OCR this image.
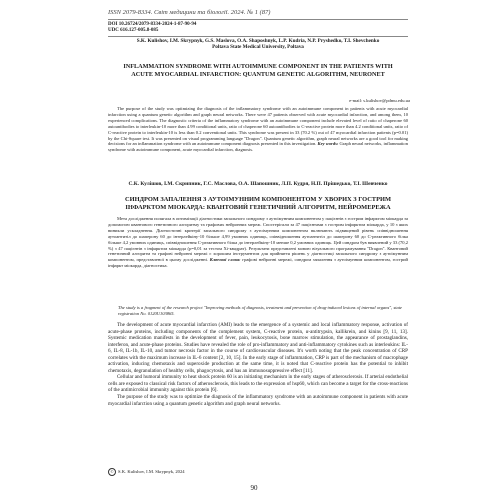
ISSN 2079-8334. Світ медицини та біології. 2024. № 1 (87)
DOI 10.26724/2079-8334-2024-1-87-90-94
UDC 616.127-005.8-085
S.K. Kulishov, I.M. Skrypnyk, G.S. Maslova, O.A. Shaposhnyk, L.P. Kudria, N.P. Pryshedko, T.I. Shevchenko
Poltava State Medical University, Poltava
INFLAMMATION SYNDROME WITH AUTOIMMUNE COMPONENT IN THE PATIENTS WITH ACUTE MYOCARDIAL INFARCTION: QUANTUM GENETIC ALGORITHM, NEURONET
e-mail: s.kulishov@pdmu.edu.ua
The purpose of the study was optimizing the diagnosis of the inflammatory syndrome with an autoimmune component in patients with acute myocardial infarction using a quantum genetic algorithm and graph neural networks. There were 47 patients observed with acute myocardial infarction, and among them, 10 experienced complications. The diagnostic criteria of the inflammatory syndrome with an autoimmune component include elevated level of ratio of chaperone 60 autoantibodies to interleukin-10 more than 4.99 conditional units, ratio of chaperone 60 autoantibodies to C-reactive protein more than 4.2 conditional units, ratio of C-reactive protein to interleukin-10 is less than 0.2 conventional units. This syndrome was present in 33 (70.2 %) out of 47 myocardial infarction patients (p=0.01) by the Chi-Square test. It was presented on visual programming language "Dragon". Quantum genetic algorithm, graph neural networks are a good tool for making decisions for an inflammation syndrome with an autoimmune component diagnosis presented in this investigation. Key words: Graph neural networks, inflammation syndrome with autoimmune component, acute myocardial infarction, diagnosis.
С.К. Кулішов, І.М. Скрипник, Г.С. Маслова, О.А. Шапошник, Л.П. Кудря, Н.П. Прішедько, Т.І. Шевченко
СИНДРОМ ЗАПАЛЕННЯ З АУТОІМУННИМ КОМПОНЕНТОМ У ХВОРИХ З ГОСТРИМ ІНФАРКТОМ МІОКАРДА: КВАНТОВИЙ ГЕНЕТИЧНИЙ АЛГОРИТМ, НЕЙРОМЕРЕЖА
Мета дослідження полягала в оптимізації діагностики запального синдрому з аутоімунним компонентом у пацієнтів з гострим інфарктом міокарда за допомогою квантового генетичного алгоритму та графових нейронних мереж. Спостерігали за 47 пацієнтами з гострим інфарктом міокарда, у 10 з яких виникли ускладнення. Діагностичні критерії запального синдрому з аутоімунним компонентом включають підвищений рівень співвідношення аутоантитіл до шаперону 60 до інтерлейкіну-10 більше 4,99 умовних одиниць, співвідношення аутоантитіл до шаперону 60 до С-реактивного білка більше 4,2 умовних одиниць, співвідношення С-реактивного білка до інтерлейкіну-10 менше 0,2 умовних одиниць. Цей синдром був виявлений у 33 (70,2 %) з 47 пацієнтів з інфарктом міокарда (p=0,01 за тестом Хі-квадрат). Результати представлені мовою візуального програмування "Dragon". Квантовий генетичний алгоритм та графові нейронні мережі є хорошим інструментом для прийняття рішень у діагностиці запального синдрому з аутоімунним компонентом, представленої в цьому дослідженні. Ключові слова: графові нейронні мережі, синдром запалення з аутоімунним компонентом, гострий інфаркт міокарда, діагностика.
The study is a fragment of the research project "Improving methods of diagnosis, treatment and prevention of drug-induced lesions of internal organs", state registration No. 0120U103865.

The development of acute myocardial infarction (AMI) leads to the emergence of a systemic and local inflammatory response, activation of acute-phase proteins, including components of the complement system, C-reactive protein, α-antitrypsin, kallikrein, and kinins [9, 11, 13]. Systemic medication manifests in the development of fever, pain, leukocytosis, bone marrow stimulation, the appearance of prostaglandins, interferon, and acute-phase proteins. Studies have revealed the role of pro-inflammatory and anti-inflammatory cytokines such as interleukins: IL-6, IL-8, IL-1b, IL-10, and tumor necrosis factor in the course of cardiovascular diseases. It's worth noting that the peak concentration of CRP correlates with the maximum increase in IL-6 content [2, 10, 15]. In the early stage of inflammation, CRP is part of the mechanism of macrophage activation, inducing chemotaxis and superoxide production at the same time, it is noted that C-reactive protein has the potential to inhibit chemotaxis, degranulation of healthy cells, phagocytosis, and has an immunosuppressive effect [11].

Cellular and humoral immunity to heat shock protein 60 is an initiating mechanism in the early stages of atherosclerosis. If arterial endothelial cells are exposed to classical risk factors of atherosclerosis, this leads to the expression of hsp60, which can become a target for the cross-reactions of the antimicrobial immunity against this protein [6].

The purpose of the study was to optimize the diagnosis of the inflammatory syndrome with an autoimmune component in patients with acute myocardial infarction using a quantum genetic algorithm and graph neural networks.

© S.K. Kulishov, I.M. Skrypnyk, 2024
90
